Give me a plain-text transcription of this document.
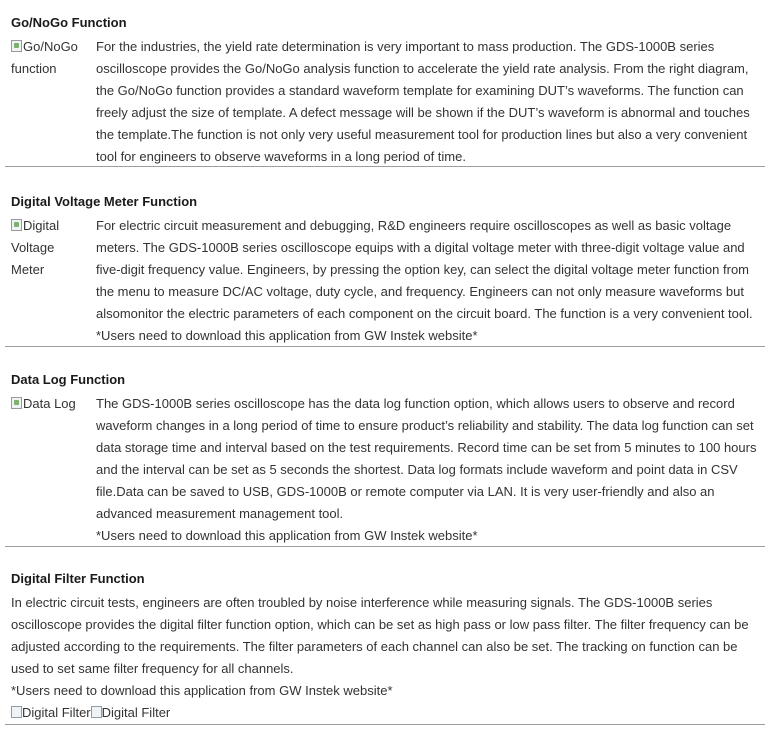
Go/NoGo Function
Go/NoGo
function

For the industries, the yield rate determination is very important to mass production. The GDS-1000B series oscilloscope provides the Go/NoGo analysis function to accelerate the yield rate analysis. From the right diagram, the Go/NoGo function provides a standard waveform template for examining DUT’s waveforms. The function can freely adjust the size of template. A defect message will be shown if the DUT’s waveform is abnormal and touches the template.The function is not only very useful measurement tool for production lines but also a very convenient tool for engineers to observe waveforms in a long period of time.

Digital Voltage Meter Function
Digital
Voltage
Meter

For electric circuit measurement and debugging, R&D engineers require oscilloscopes as well as basic voltage meters. The GDS-1000B series oscilloscope equips with a digital voltage meter with three-digit voltage value and five-digit frequency value. Engineers, by pressing the option key, can select the digital voltage meter function from the menu to measure DC/AC voltage, duty cycle, and frequency. Engineers can not only measure waveforms but alsomonitor the electric parameters of each component on the circuit board. The function is a very convenient tool.

*Users need to download this application from GW Instek website*

Data Log Function
Data Log The GDS-1000B series oscilloscope has the data log function option, which allows users to observe and record waveform changes in a long period of time to ensure product’s reliability and stability. The data log function can set data storage time and interval based on the test requirements. Record time can be set from 5 minutes to 100 hours and the interval can be set as 5 seconds the shortest. Data log formats include waveform and point data in CSV file.Data can be saved to USB, GDS-1000B or remote computer via LAN. It is very user-friendly and also an advanced measurement management tool.

*Users need to download this application from GW Instek website*

Digital Filter Function

In electric circuit tests, engineers are often troubled by noise interference while measuring signals. The GDS-1000B series oscilloscope provides the digital filter function option, which can be set as high pass or low pass filter. The filter frequency can be adjusted according to the requirements. The filter parameters of each channel can also be set. The tracking on function can be used to set same filter frequency for all channels.

*Users need to download this application from GW Instek website*

Digital Filter Digital Filter
